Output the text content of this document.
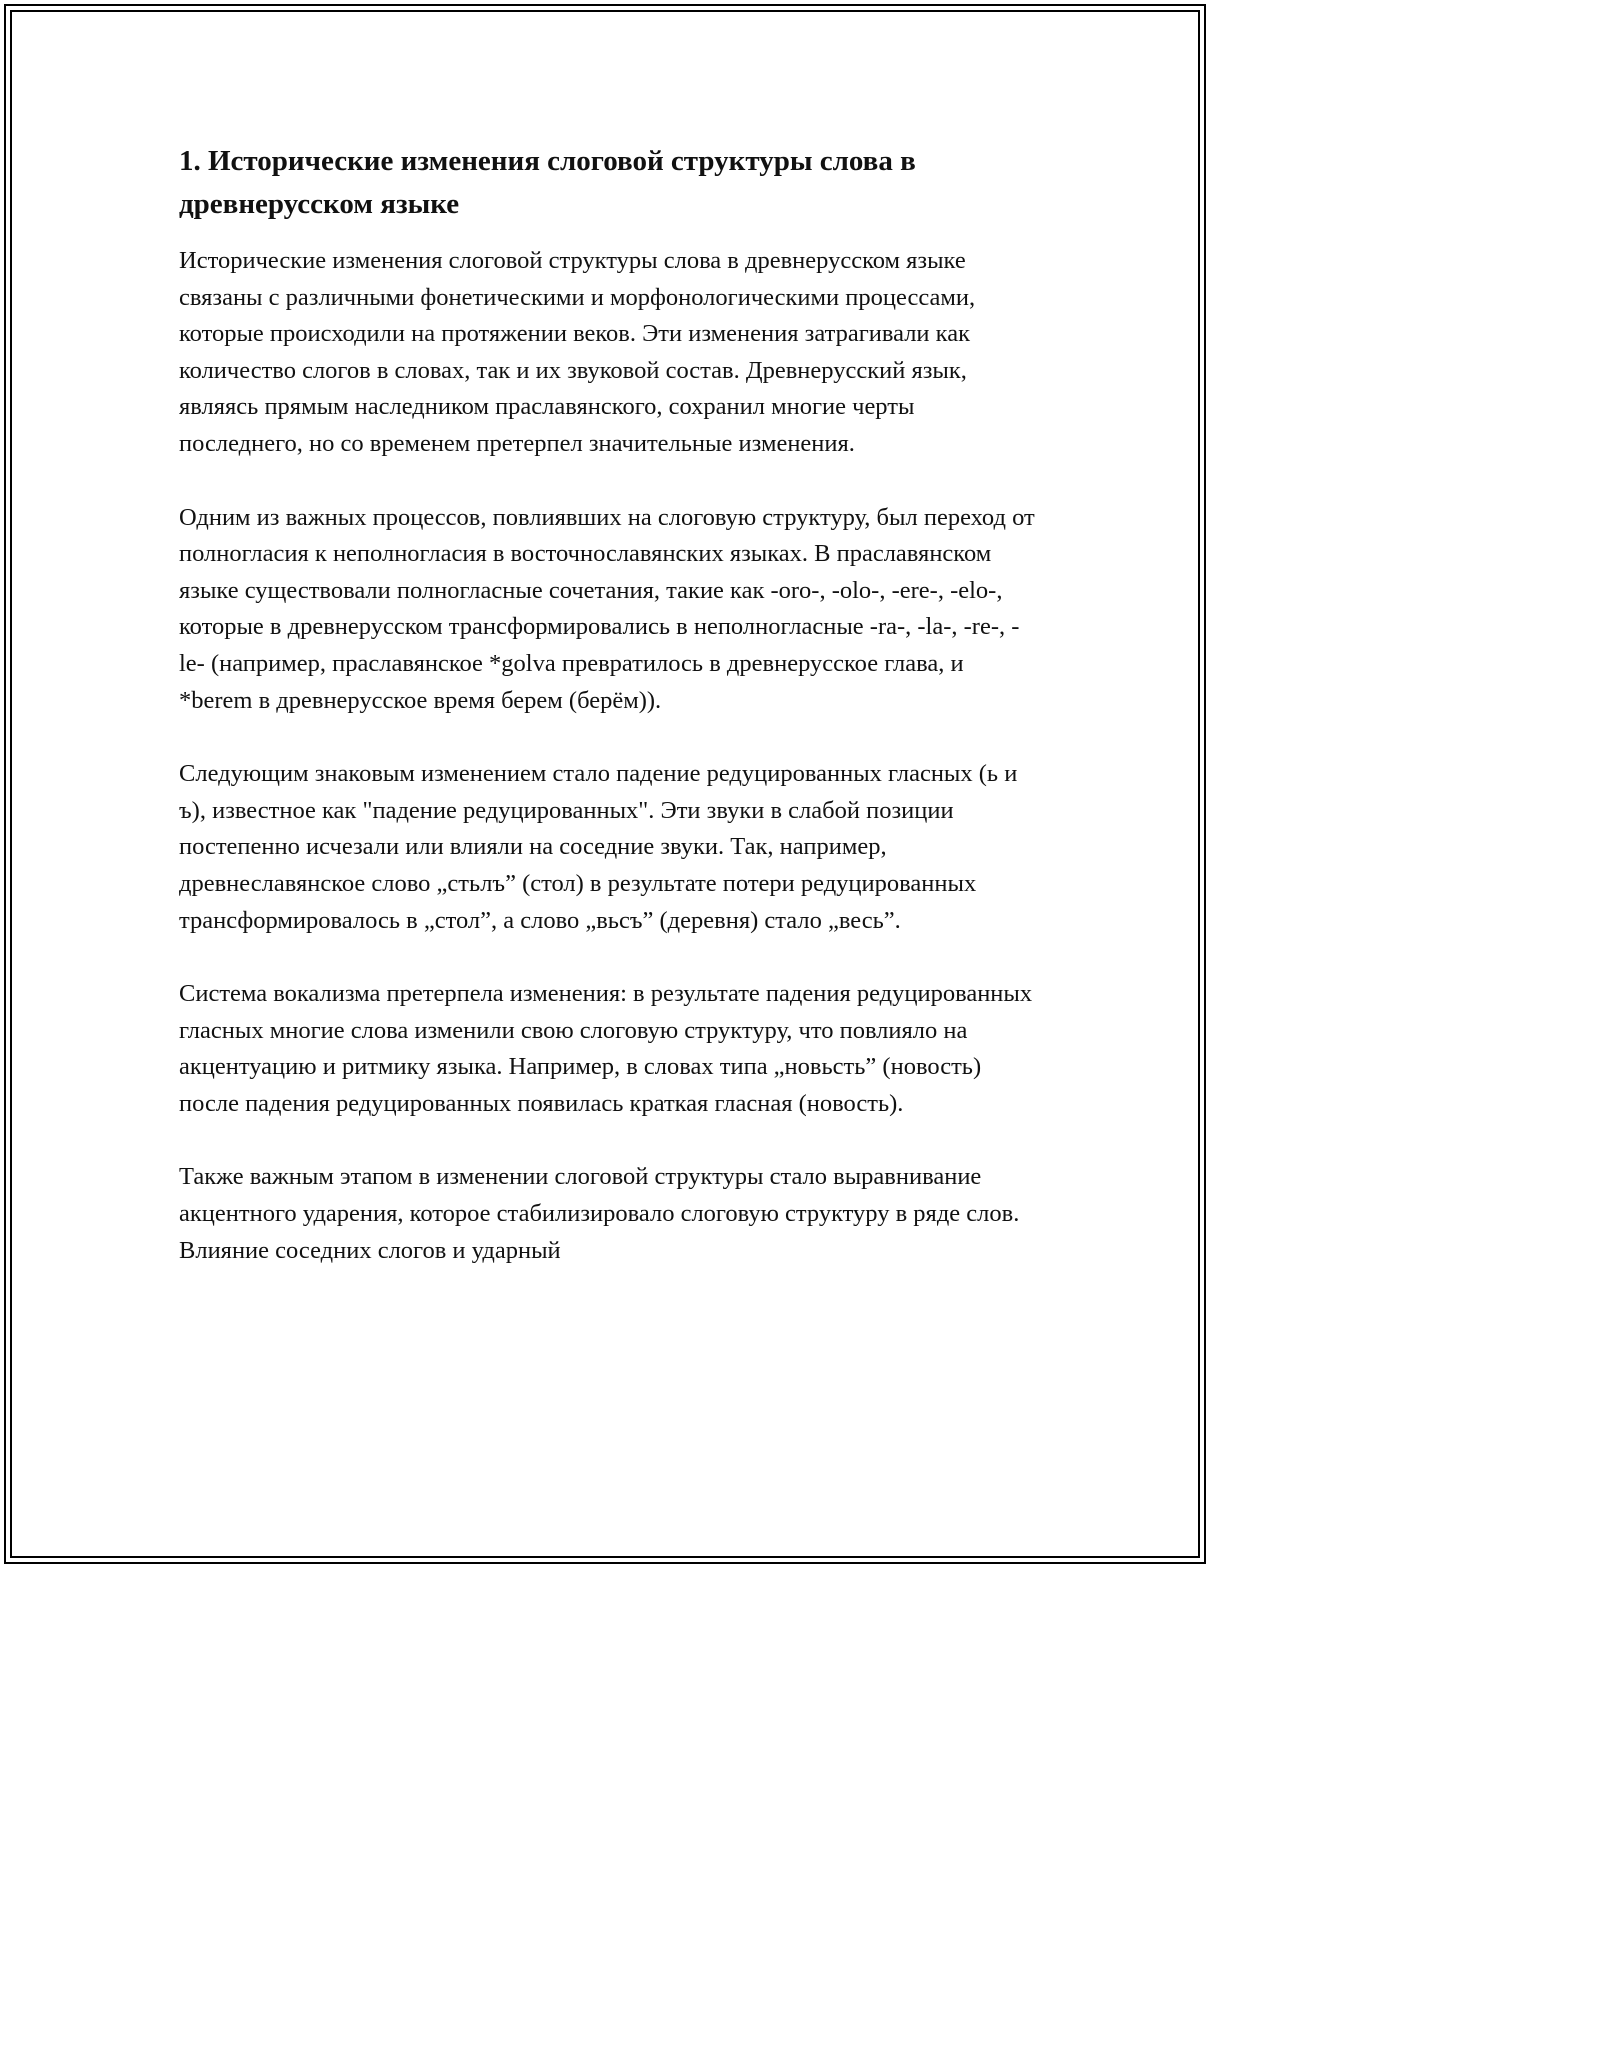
1. Исторические изменения слоговой структуры слова в древнерусском языке

Исторические изменения слоговой структуры слова в древнерусском языке связаны с различными фонетическими и морфонологическими процессами, которые происходили на протяжении веков. Эти изменения затрагивали как количество слогов в словах, так и их звуковой состав. Древнерусский язык, являясь прямым наследником праславянского, сохранил многие черты последнего, но со временем претерпел значительные изменения.

Одним из важных процессов, повлиявших на слоговую структуру, был переход от полногласия к неполногласия в восточнославянских языках. В праславянском языке существовали полногласные сочетания, такие как -oro-, -olo-, -ere-, -elo-, которые в древнерусском трансформировались в неполногласные -ra-, -la-, -re-, -le- (например, праславянское *golva превратилось в древнерусское глава, и *berem в древнерусское время берем (берём)).

Следующим знаковым изменением стало падение редуцированных гласных (ь и ъ), известное как "падение редуцированных". Эти звуки в слабой позиции постепенно исчезали или влияли на соседние звуки. Так, например, древнеславянское слово „стьлъ” (стол) в результате потери редуцированных трансформировалось в „стол”, а слово „вьсъ” (деревня) стало „весь”.

Система вокализма претерпела изменения: в результате падения редуцированных гласных многие слова изменили свою слоговую структуру, что повлияло на акцентуацию и ритмику языка. Например, в словах типа „новьсть” (новость) после падения редуцированных появилась краткая гласная (новость).

Также важным этапом в изменении слоговой структуры стало выравнивание акцентного ударения, которое стабилизировало слоговую структуру в ряде слов. Влияние соседних слогов и ударный
